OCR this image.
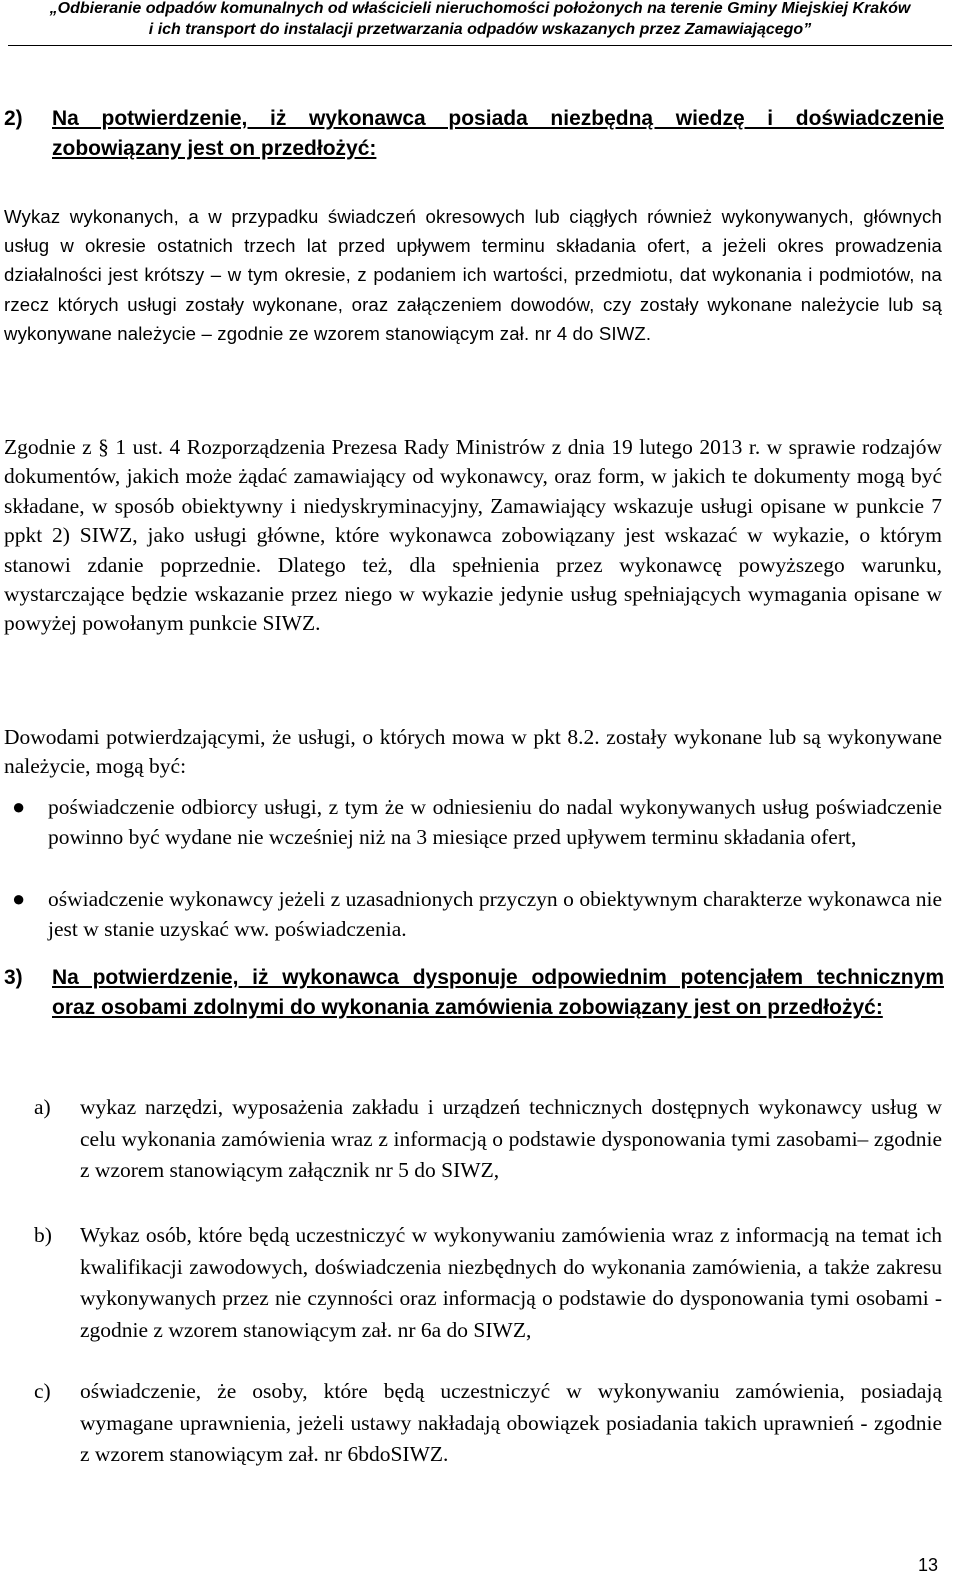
„Odbieranie odpadów komunalnych od właścicieli nieruchomości położonych na terenie Gminy Miejskiej Kraków
i ich transport do instalacji przetwarzania odpadów wskazanych przez Zamawiającego”
2) Na potwierdzenie, iż wykonawca posiada niezbędną wiedzę i doświadczenie
zobowiązany jest on przedłożyć:
Wykaz wykonanych, a w przypadku świadczeń okresowych lub ciągłych również wykonywanych, głównych usług w okresie ostatnich trzech lat przed upływem terminu składania ofert, a jeżeli okres prowadzenia działalności jest krótszy – w tym okresie, z podaniem ich wartości, przedmiotu, dat wykonania i podmiotów, na rzecz których usługi zostały wykonane, oraz załączeniem dowodów, czy zostały wykonane należycie lub są wykonywane należycie – zgodnie ze wzorem stanowiącym zał. nr 4 do SIWZ.
Zgodnie z § 1 ust. 4 Rozporządzenia Prezesa Rady Ministrów z dnia 19 lutego 2013 r. w sprawie rodzajów dokumentów, jakich może żądać zamawiający od wykonawcy, oraz form, w jakich te dokumenty mogą być składane, w sposób obiektywny i niedyskryminacyjny, Zamawiający wskazuje usługi opisane w punkcie 7 ppkt 2) SIWZ, jako usługi główne, które wykonawca zobowiązany jest wskazać w wykazie, o którym stanowi zdanie poprzednie. Dlatego też, dla spełnienia przez wykonawcę powyższego warunku, wystarczające będzie wskazanie przez niego w wykazie jedynie usług spełniających wymagania opisane w powyżej powołanym punkcie SIWZ.
Dowodami potwierdzającymi, że usługi, o których mowa w pkt 8.2. zostały wykonane lub są wykonywane należycie, mogą być:
● poświadczenie odbiorcy usługi, z tym że w odniesieniu do nadal wykonywanych usług poświadczenie powinno być wydane nie wcześniej niż na 3 miesiące przed upływem terminu składania ofert,
● oświadczenie wykonawcy jeżeli z uzasadnionych przyczyn o obiektywnym charakterze wykonawca nie jest w stanie uzyskać ww. poświadczenia.
3) Na potwierdzenie, iż wykonawca dysponuje odpowiednim potencjałem technicznym
oraz osobami zdolnymi do wykonania zamówienia zobowiązany jest on przedłożyć:
a) wykaz narzędzi, wyposażenia zakładu i urządzeń technicznych dostępnych wykonawcy usług w celu wykonania zamówienia wraz z informacją o podstawie dysponowania tymi zasobami– zgodnie z wzorem stanowiącym załącznik nr 5 do SIWZ,
b) Wykaz osób, które będą uczestniczyć w wykonywaniu zamówienia wraz z informacją na temat ich kwalifikacji zawodowych, doświadczenia niezbędnych do wykonania zamówienia, a także zakresu wykonywanych przez nie czynności oraz informacją o podstawie do dysponowania tymi osobami - zgodnie z wzorem stanowiącym zał. nr 6a do SIWZ,
c) oświadczenie, że osoby, które będą uczestniczyć w wykonywaniu zamówienia, posiadają wymagane uprawnienia, jeżeli ustawy nakładają obowiązek posiadania takich uprawnień - zgodnie z wzorem stanowiącym zał. nr 6bdoSIWZ.
13
